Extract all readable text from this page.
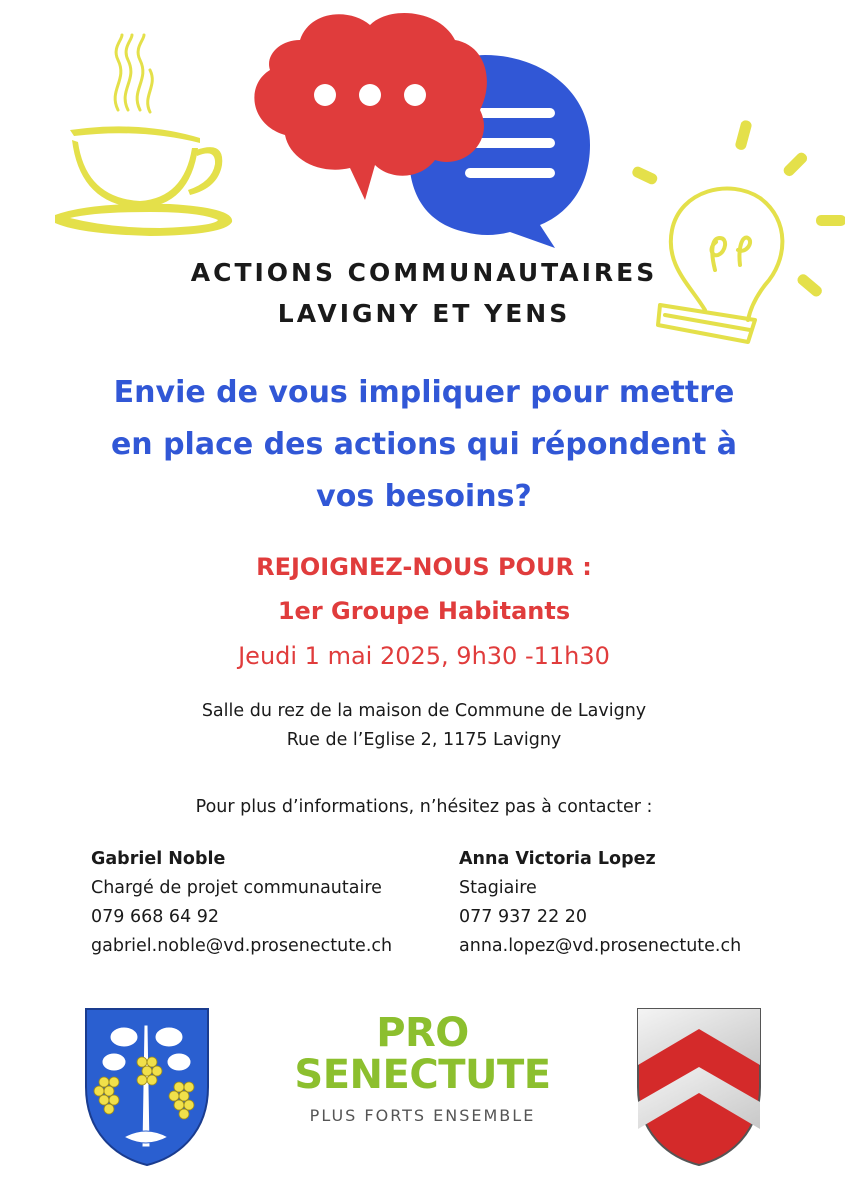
ACTIONS COMMUNAUTAIRES
LAVIGNY ET YENS
Envie de vous impliquer pour mettre
en place des actions qui répondent à
vos besoins?
REJOIGNEZ-NOUS POUR :
1er Groupe Habitants
Jeudi 1 mai 2025, 9h30 -11h30
Salle du rez de la maison de Commune de Lavigny
Rue de l’Eglise 2, 1175 Lavigny
Pour plus d’informations, n’hésitez pas à contacter :
Gabriel Noble
Chargé de projet communautaire
079 668 64 92
gabriel.noble@vd.prosenectute.ch
Anna Victoria Lopez
Stagiaire
077 937 22 20
anna.lopez@vd.prosenectute.ch
PRO
SENECTUTE
PLUS FORTS ENSEMBLE
